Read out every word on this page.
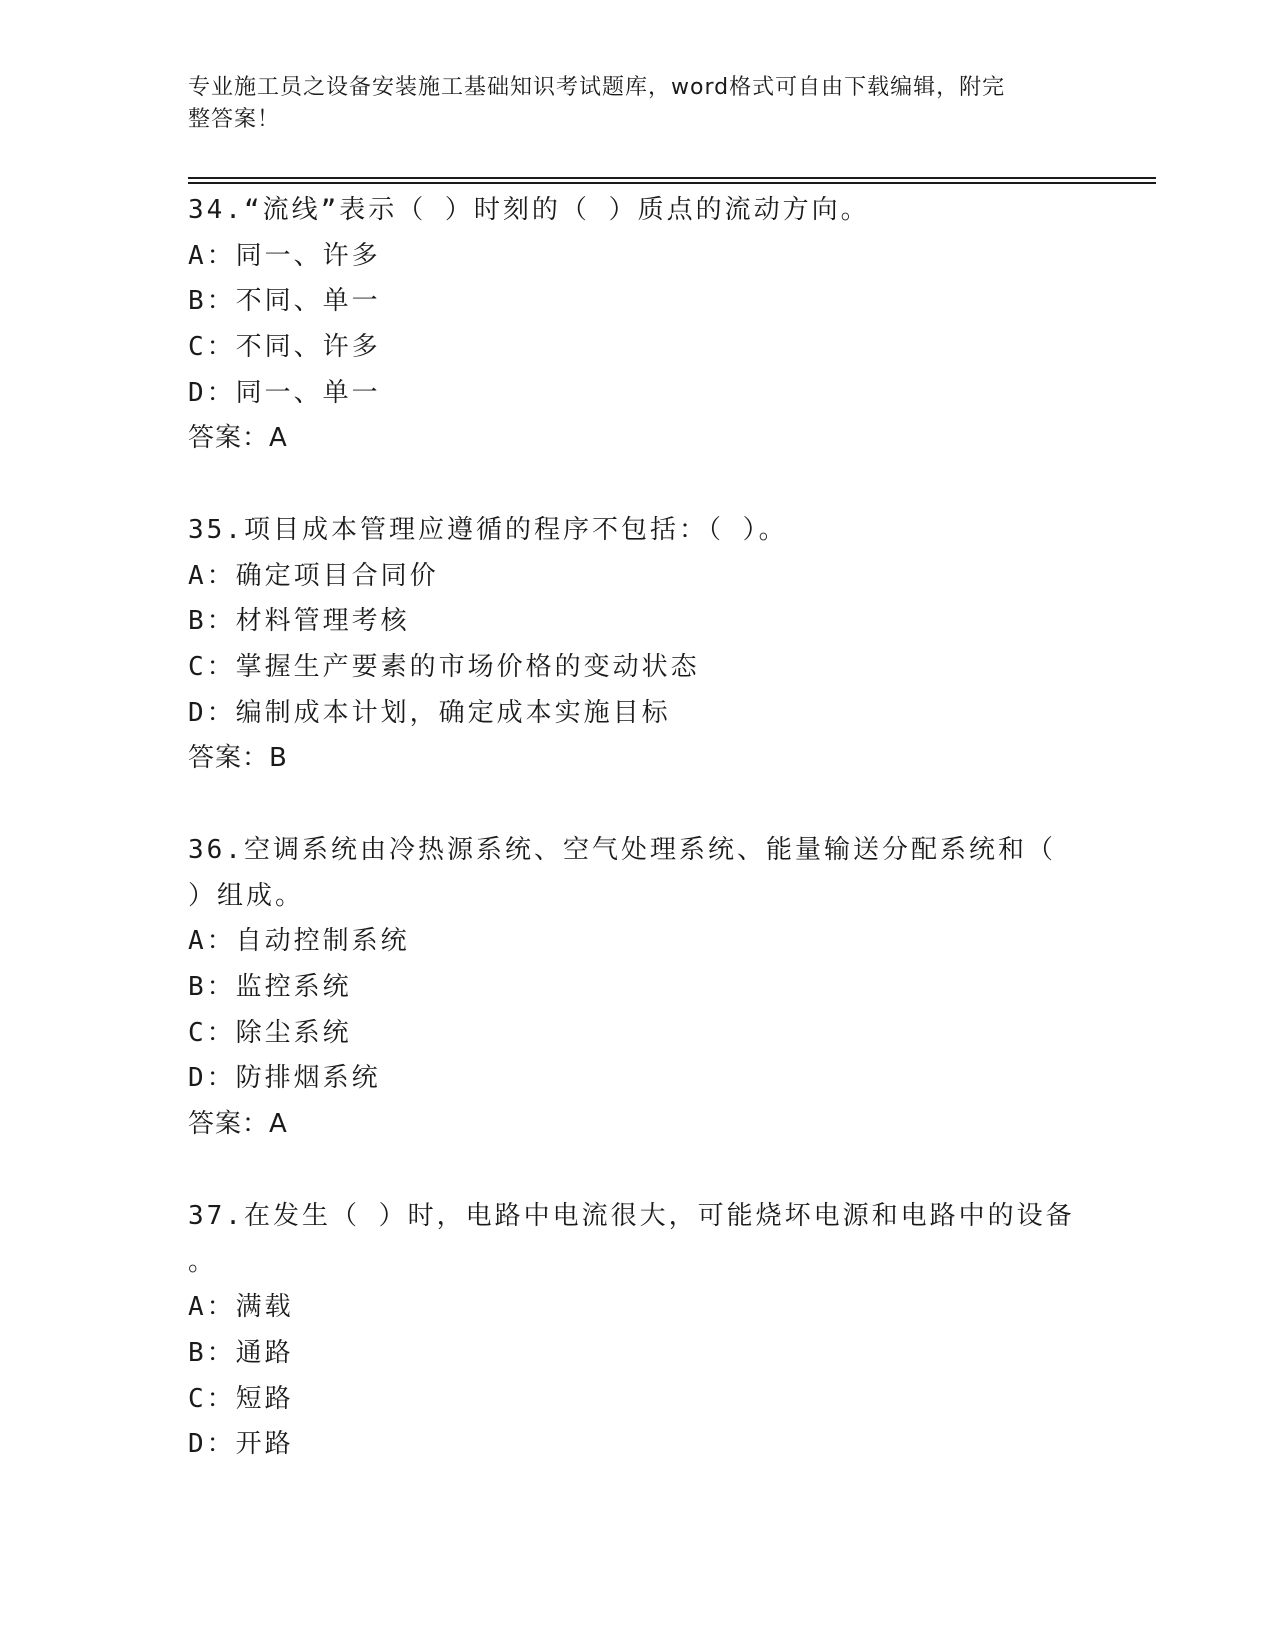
专业施工员之设备安装施工基础知识考试题库，word格式可自由下载编辑，附完
整答案！
34.“流线”表示（ ）时刻的（ ）质点的流动方向。
A：同一、许多
B：不同、单一
C：不同、许多
D：同一、单一
答案：A
35.项目成本管理应遵循的程序不包括：（ ）。
A：确定项目合同价
B：材料管理考核
C：掌握生产要素的市场价格的变动状态
D：编制成本计划，确定成本实施目标
答案：B
36.空调系统由冷热源系统、空气处理系统、能量输送分配系统和（
）组成。
A：自动控制系统
B：监控系统
C：除尘系统
D：防排烟系统
答案：A
37.在发生（ ）时，电路中电流很大，可能烧坏电源和电路中的设备
。
A：满载
B：通路
C：短路
D：开路
